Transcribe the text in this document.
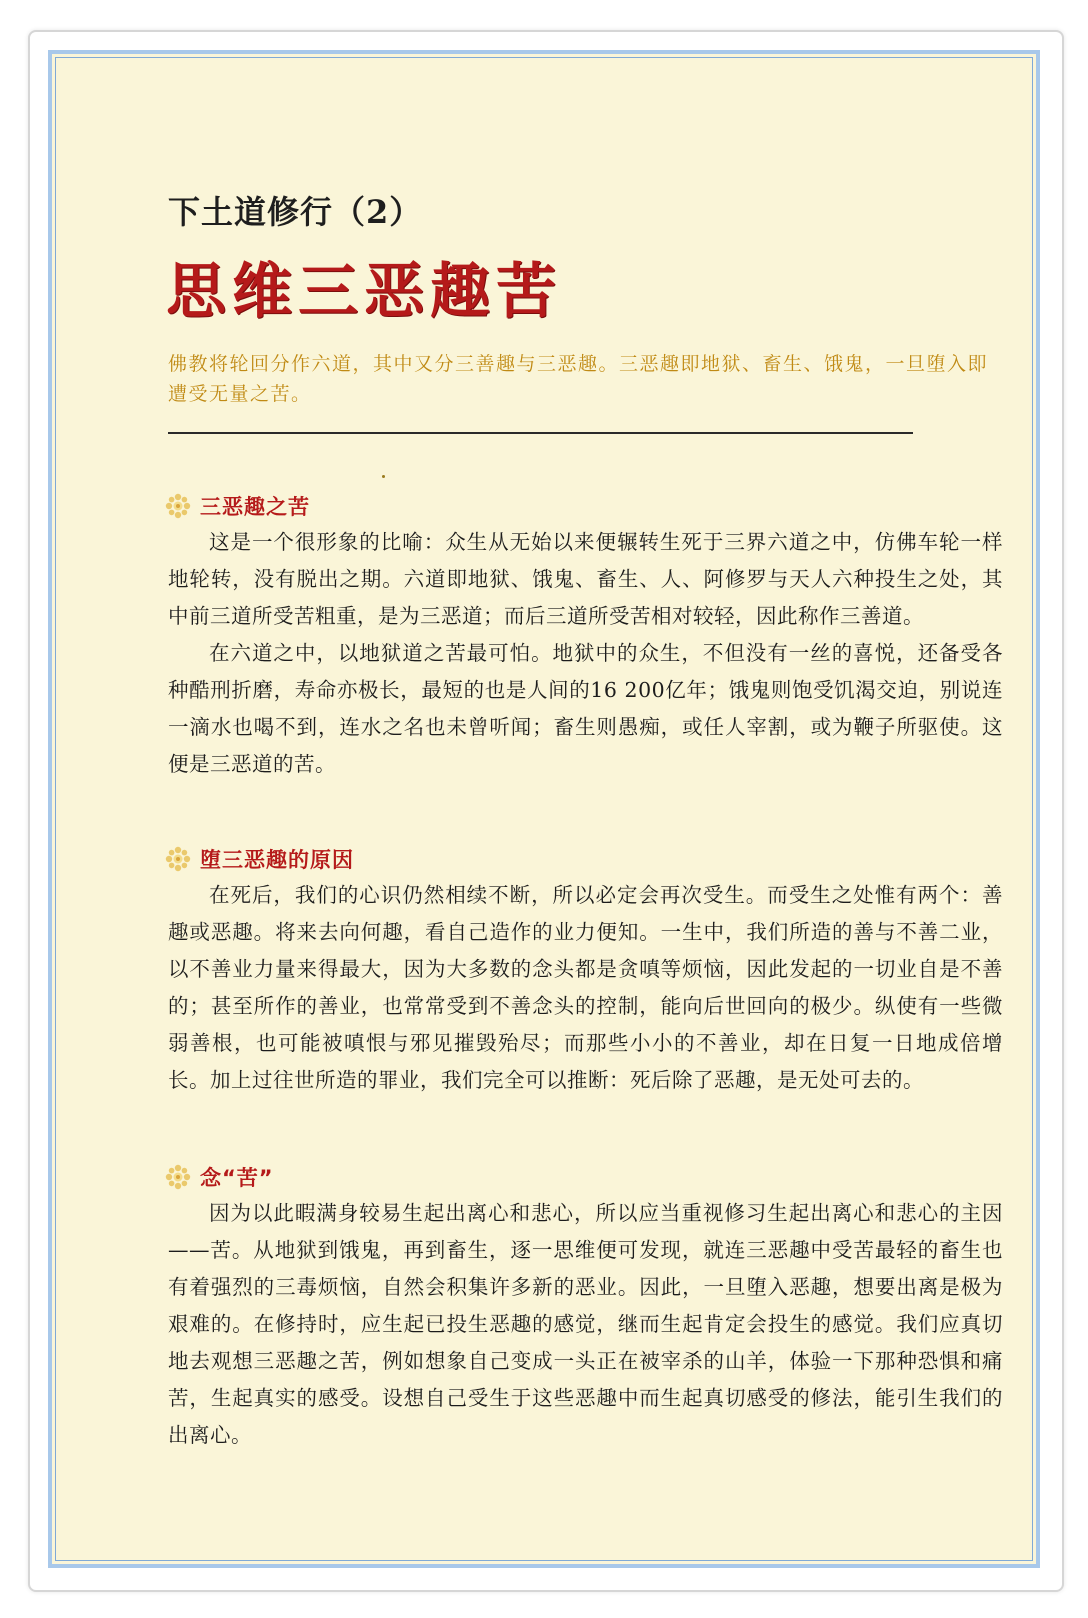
下土道修行（2）
思维三恶趣苦

佛教将轮回分作六道，其中又分三善趣与三恶趣。三恶趣即地狱、畜生、饿鬼，一旦堕入即遭受无量之苦。

三恶趣之苦

这是一个很形象的比喻：众生从无始以来便辗转生死于三界六道之中，仿佛车轮一样地轮转，没有脱出之期。六道即地狱、饿鬼、畜生、人、阿修罗与天人六种投生之处，其中前三道所受苦粗重，是为三恶道；而后三道所受苦相对较轻，因此称作三善道。

在六道之中，以地狱道之苦最可怕。地狱中的众生，不但没有一丝的喜悦，还备受各种酷刑折磨，寿命亦极长，最短的也是人间的16 200亿年；饿鬼则饱受饥渴交迫，别说连一滴水也喝不到，连水之名也未曾听闻；畜生则愚痴，或任人宰割，或为鞭子所驱使。这便是三恶道的苦。

堕三恶趣的原因

在死后，我们的心识仍然相续不断，所以必定会再次受生。而受生之处惟有两个：善趣或恶趣。将来去向何趣，看自己造作的业力便知。一生中，我们所造的善与不善二业，以不善业力量来得最大，因为大多数的念头都是贪嗔等烦恼，因此发起的一切业自是不善的；甚至所作的善业，也常常受到不善念头的控制，能向后世回向的极少。纵使有一些微弱善根，也可能被嗔恨与邪见摧毁殆尽；而那些小小的不善业，却在日复一日地成倍增长。加上过往世所造的罪业，我们完全可以推断：死后除了恶趣，是无处可去的。

念“苦”

因为以此暇满身较易生起出离心和悲心，所以应当重视修习生起出离心和悲心的主因——苦。从地狱到饿鬼，再到畜生，逐一思维便可发现，就连三恶趣中受苦最轻的畜生也有着强烈的三毒烦恼，自然会积集许多新的恶业。因此，一旦堕入恶趣，想要出离是极为艰难的。在修持时，应生起已投生恶趣的感觉，继而生起肯定会投生的感觉。我们应真切地去观想三恶趣之苦，例如想象自己变成一头正在被宰杀的山羊，体验一下那种恐惧和痛苦，生起真实的感受。设想自己受生于这些恶趣中而生起真切感受的修法，能引生我们的出离心。
